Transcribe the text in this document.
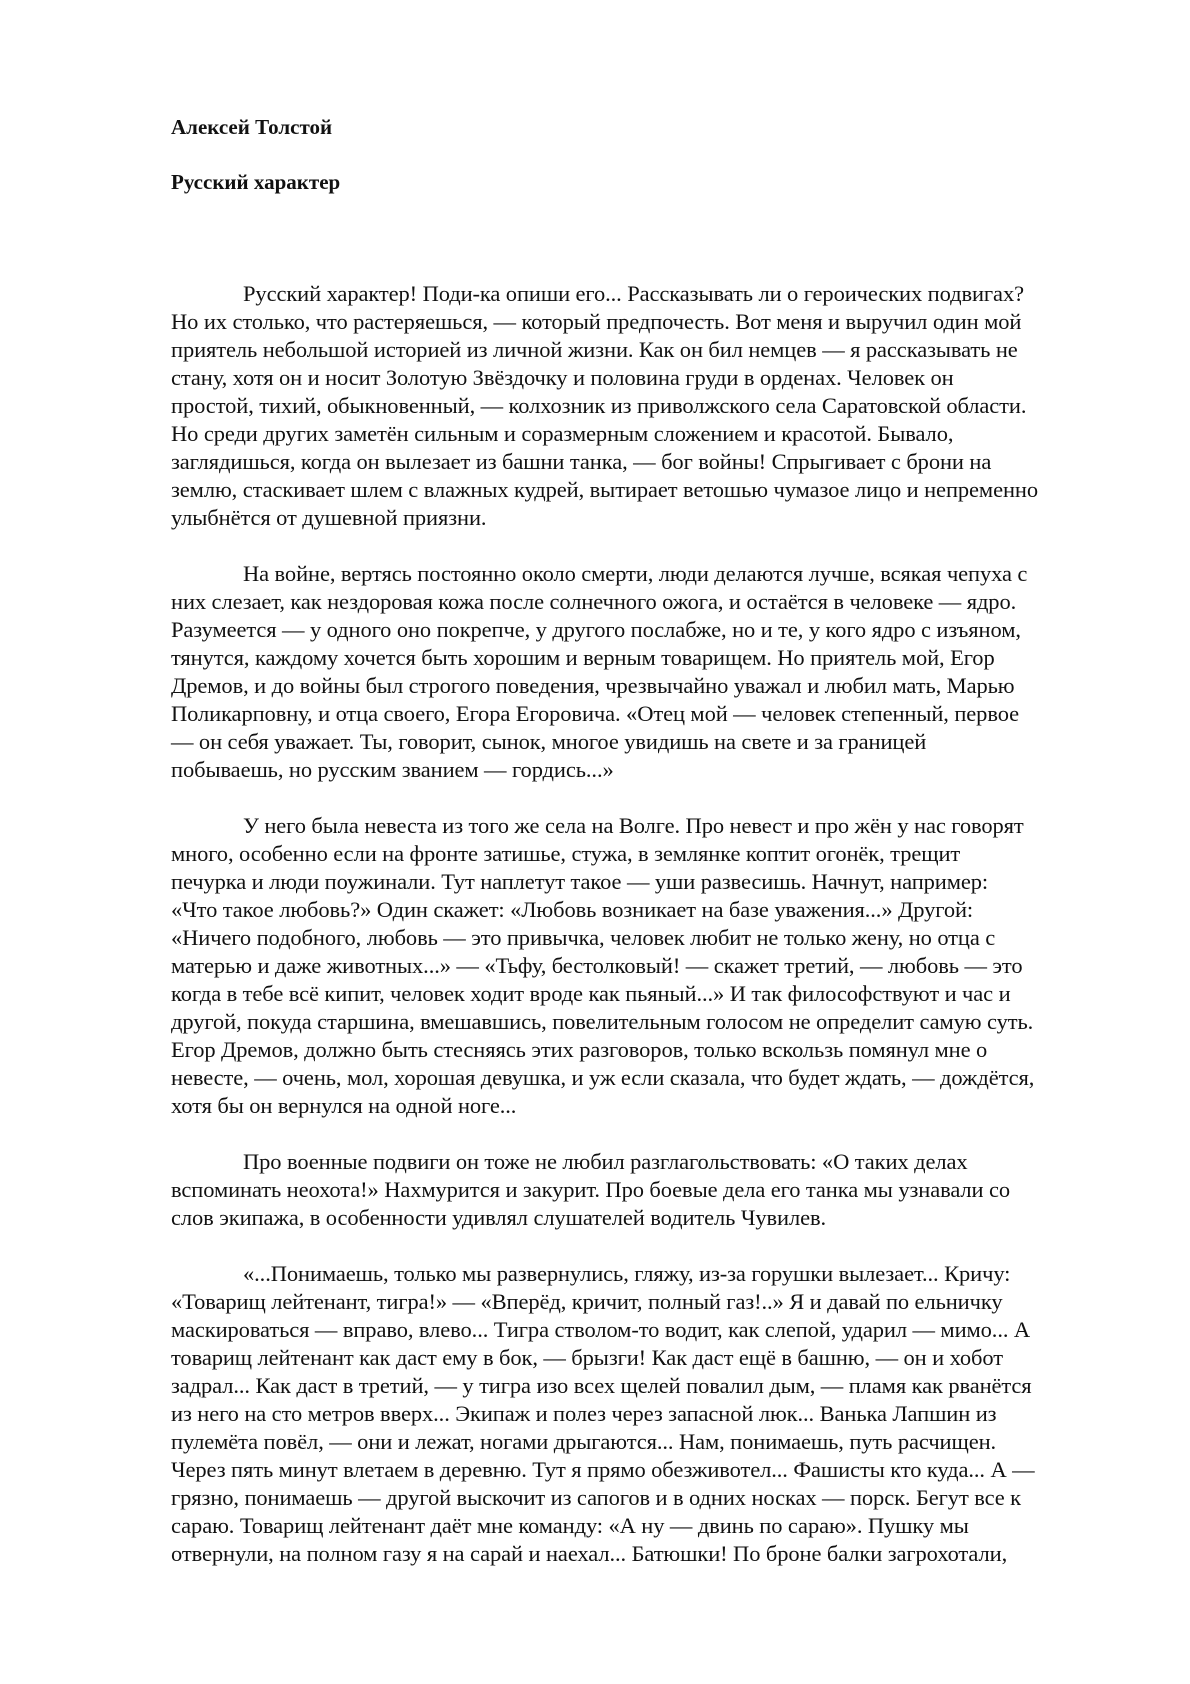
Алексей Толстой
Русский характер
Русский характер! Поди-ка опиши его... Рассказывать ли о героических подвигах?
Но их столько, что растеряешься, — который предпочесть. Вот меня и выручил один мой
приятель небольшой историей из личной жизни. Как он бил немцев — я рассказывать не
стану, хотя он и носит Золотую Звёздочку и половина груди в орденах. Человек он
простой, тихий, обыкновенный, — колхозник из приволжского села Саратовской области.
Но среди других заметён сильным и соразмерным сложением и красотой. Бывало,
заглядишься, когда он вылезает из башни танка, — бог войны! Спрыгивает с брони на
землю, стаскивает шлем с влажных кудрей, вытирает ветошью чумазое лицо и непременно
улыбнётся от душевной приязни.
На войне, вертясь постоянно около смерти, люди делаются лучше, всякая чепуха с
них слезает, как нездоровая кожа после солнечного ожога, и остаётся в человеке — ядро.
Разумеется — у одного оно покрепче, у другого послабже, но и те, у кого ядро с изъяном,
тянутся, каждому хочется быть хорошим и верным товарищем. Но приятель мой, Егор
Дремов, и до войны был строгого поведения, чрезвычайно уважал и любил мать, Марью
Поликарповну, и отца своего, Егора Егоровича. «Отец мой — человек степенный, первое
— он себя уважает. Ты, говорит, сынок, многое увидишь на свете и за границей
побываешь, но русским званием — гордись...»
У него была невеста из того же села на Волге. Про невест и про жён у нас говорят
много, особенно если на фронте затишье, стужа, в землянке коптит огонёк, трещит
печурка и люди поужинали. Тут наплетут такое — уши развесишь. Начнут, например:
«Что такое любовь?» Один скажет: «Любовь возникает на базе уважения...» Другой:
«Ничего подобного, любовь — это привычка, человек любит не только жену, но отца с
матерью и даже животных...» — «Тьфу, бестолковый! — скажет третий, — любовь — это
когда в тебе всё кипит, человек ходит вроде как пьяный...» И так философствуют и час и
другой, покуда старшина, вмешавшись, повелительным голосом не определит самую суть.
Егор Дремов, должно быть стесняясь этих разговоров, только вскользь помянул мне о
невесте, — очень, мол, хорошая девушка, и уж если сказала, что будет ждать, — дождётся,
хотя бы он вернулся на одной ноге...
Про военные подвиги он тоже не любил разглагольствовать: «О таких делах
вспоминать неохота!» Нахмурится и закурит. Про боевые дела его танка мы узнавали со
слов экипажа, в особенности удивлял слушателей водитель Чувилев.
«...Понимаешь, только мы развернулись, гляжу, из-за горушки вылезает... Кричу:
«Товарищ лейтенант, тигра!» — «Вперёд, кричит, полный газ!..» Я и давай по ельничку
маскироваться — вправо, влево... Тигра стволом-то водит, как слепой, ударил — мимо... А
товарищ лейтенант как даст ему в бок, — брызги! Как даст ещё в башню, — он и хобот
задрал... Как даст в третий, — у тигра изо всех щелей повалил дым, — пламя как рванётся
из него на сто метров вверх... Экипаж и полез через запасной люк... Ванька Лапшин из
пулемёта повёл, — они и лежат, ногами дрыгаются... Нам, понимаешь, путь расчищен.
Через пять минут влетаем в деревню. Тут я прямо обезживотел... Фашисты кто куда... А —
грязно, понимаешь — другой выскочит из сапогов и в одних носках — порск. Бегут все к
сараю. Товарищ лейтенант даёт мне команду: «А ну — двинь по сараю». Пушку мы
отвернули, на полном газу я на сарай и наехал... Батюшки! По броне балки загрохотали,
